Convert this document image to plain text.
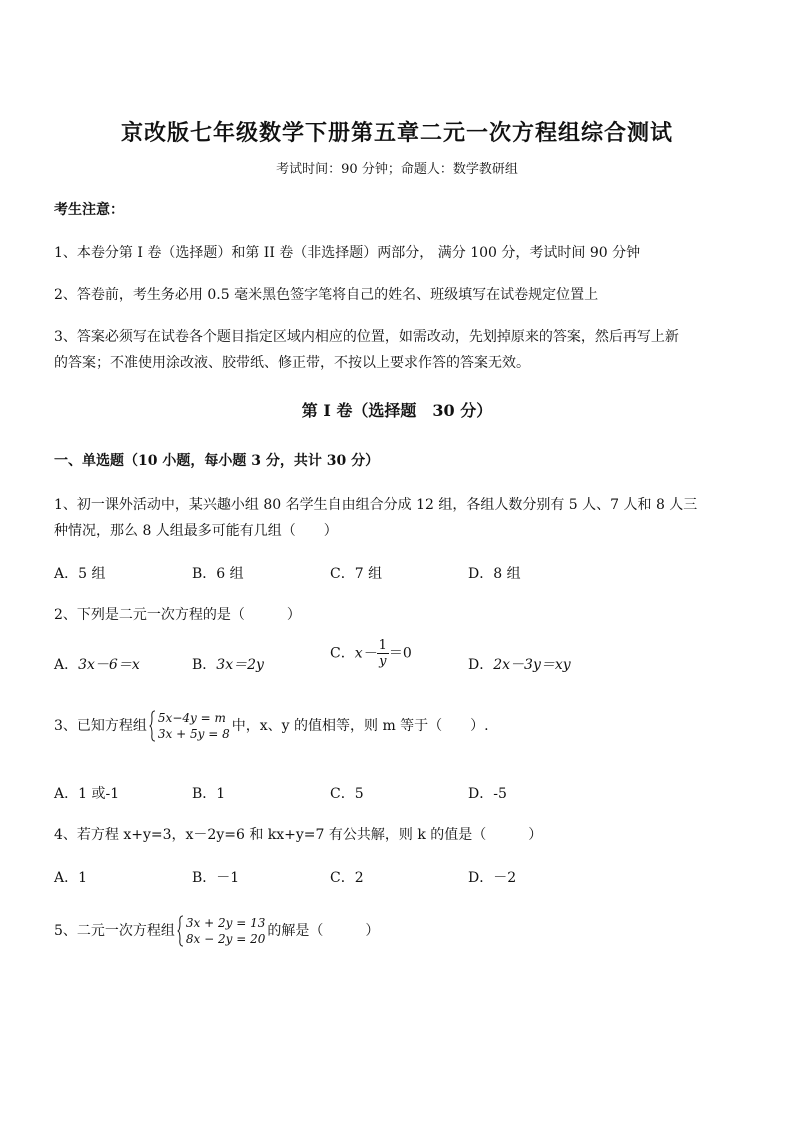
京改版七年级数学下册第五章二元一次方程组综合测试
考试时间：90 分钟；命题人：数学教研组
考生注意：
1、本卷分第 I 卷（选择题）和第 II 卷（非选择题）两部分， 满分 100 分，考试时间 90 分钟
2、答卷前，考生务必用 0.5 毫米黑色签字笔将自己的姓名、班级填写在试卷规定位置上
3、答案必须写在试卷各个题目指定区域内相应的位置，如需改动，先划掉原来的答案，然后再写上新
的答案；不准使用涂改液、胶带纸、修正带，不按以上要求作答的答案无效。
第 I 卷（选择题　30 分）
一、单选题（10 小题，每小题 3 分，共计 30 分）
1、初一课外活动中，某兴趣小组 80 名学生自由组合分成 12 组，各组人数分别有 5 人、7 人和 8 人三
种情况，那么 8 人组最多可能有几组（　　）
A．5 组	B．6 组	C．7 组	D．8 组
2、下列是二元一次方程的是（　　　）
A．3x－6＝x	B．3x＝2y
C．$x- \frac{1}{y} =0$
D．2x－3y＝xy
3、已知方程组 5x−4y = m
3x + 5y = 8 中，x、y 的值相等，则 m 等于（　　）.
A．1 或-1	B．1	C．5	D．-5
4、若方程 x+y=3，x－2y=6 和 kx+y=7 有公共解，则 k 的值是（　　　）
A．1	B．－1	C．2	D．－2
5、二元一次方程组 3x + 2y = 13
8x − 2y = 20 的解是（　　　）
